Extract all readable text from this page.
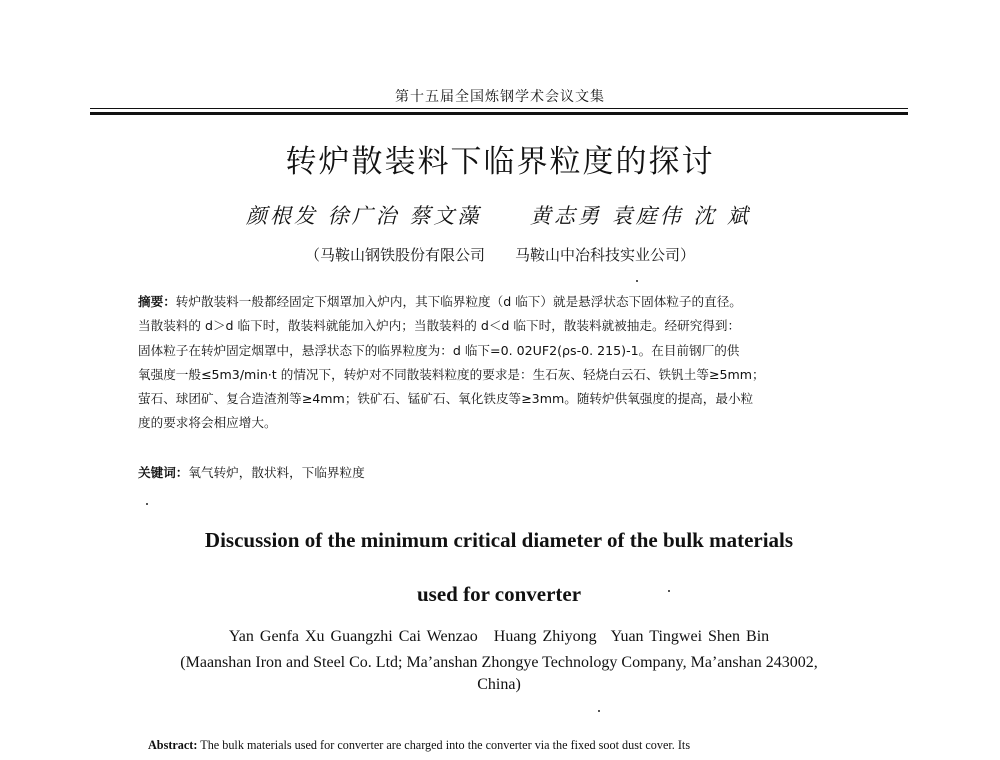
第十五届全国炼钢学术会议文集
转炉散装料下临界粒度的探讨
颜根发 徐广治 蔡文藻 黄志勇 袁庭伟 沈 斌
（马鞍山钢铁股份有限公司 马鞍山中冶科技实业公司）
摘要：转炉散装料一般都经固定下烟罩加入炉内，其下临界粒度（d 临下）就是悬浮状态下固体粒子的直径。
当散装料的 d＞d 临下时，散装料就能加入炉内；当散装料的 d＜d 临下时，散装料就被抽走。经研究得到：
固体粒子在转炉固定烟罩中，悬浮状态下的临界粒度为：d 临下=0. 02UF2(ρs-0. 215)-1。在目前钢厂的供
氧强度一般≤5m3/min·t 的情况下，转炉对不同散装料粒度的要求是：生石灰、轻烧白云石、铁钒土等≥5mm；
萤石、球团矿、复合造渣剂等≥4mm；铁矿石、锰矿石、氧化铁皮等≥3mm。随转炉供氧强度的提高，最小粒
度的要求将会相应增大。
关键词：氧气转炉，散状料，下临界粒度
Discussion of the minimum critical diameter of the bulk materials
used for converter
Yan Genfa Xu Guangzhi Cai Wenzao Huang Zhiyong Yuan Tingwei Shen Bin
(Maanshan Iron and Steel Co. Ltd; Ma’anshan Zhongye Technology Company, Ma’anshan 243002,
China)
Abstract: The bulk materials used for converter are charged into the converter via the fixed soot dust cover. Its
